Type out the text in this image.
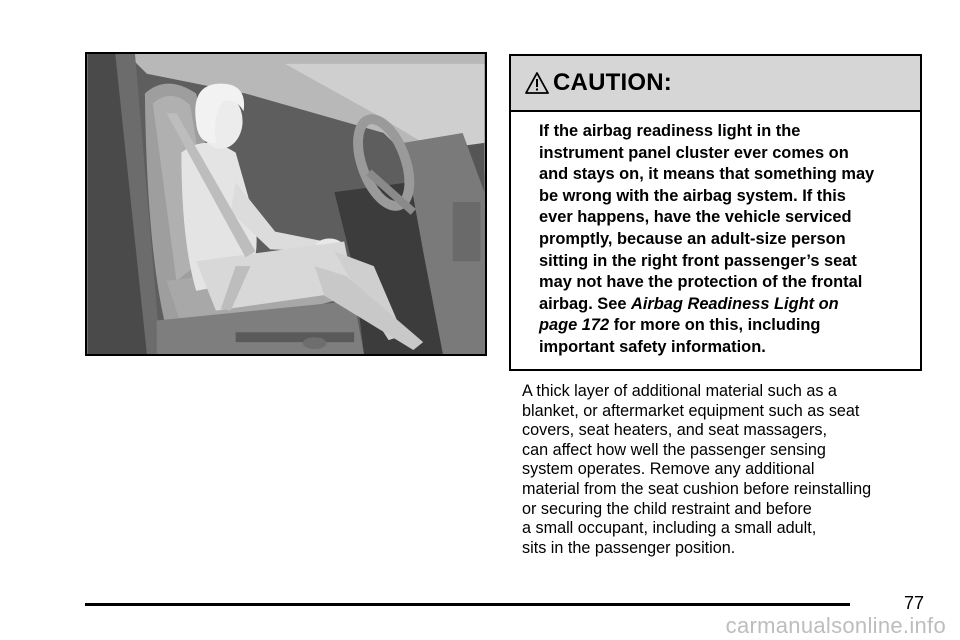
CAUTION:
If the airbag readiness light in the
instrument panel cluster ever comes on
and stays on, it means that something may
be wrong with the airbag system. If this
ever happens, have the vehicle serviced
promptly, because an adult-size person
sitting in the right front passenger’s seat
may not have the protection of the frontal
airbag. See Airbag Readiness Light on
page 172 for more on this, including
important safety information.
A thick layer of additional material such as a
blanket, or aftermarket equipment such as seat
covers, seat heaters, and seat massagers,
can affect how well the passenger sensing
system operates. Remove any additional
material from the seat cushion before reinstalling
or securing the child restraint and before
a small occupant, including a small adult,
sits in the passenger position.
77
carmanualsonline.info
